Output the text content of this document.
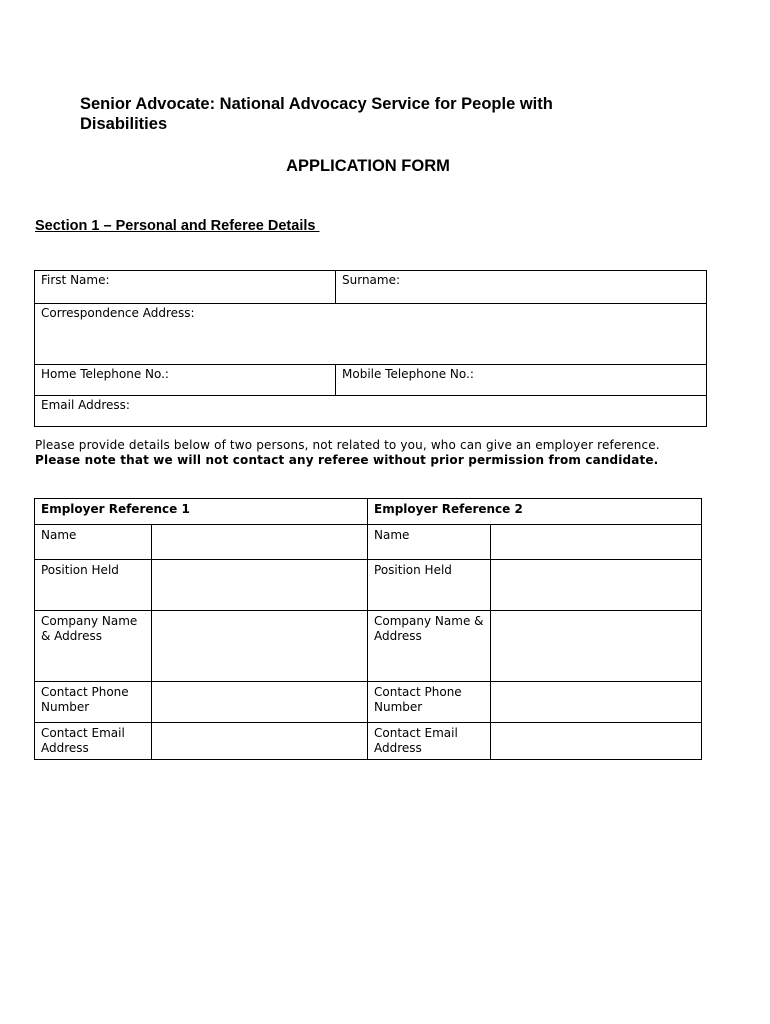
Senior Advocate: National Advocacy Service for People with Disabilities
APPLICATION FORM
Section 1 – Personal and Referee Details
First Name:	Surname:
Correspondence Address:	
Home Telephone No.:	Mobile Telephone No.:
Email Address:	

Please provide details below of two persons, not related to you, who can give an employer reference.
Please note that we will not contact any referee without prior permission from candidate.

Employer Reference 1		Employer Reference 2	
Name		Name	
Position Held		Position Held	
Company Name & Address		Company Name & Address	
Contact Phone Number		Contact Phone Number	
Contact Email Address		Contact Email Address	
